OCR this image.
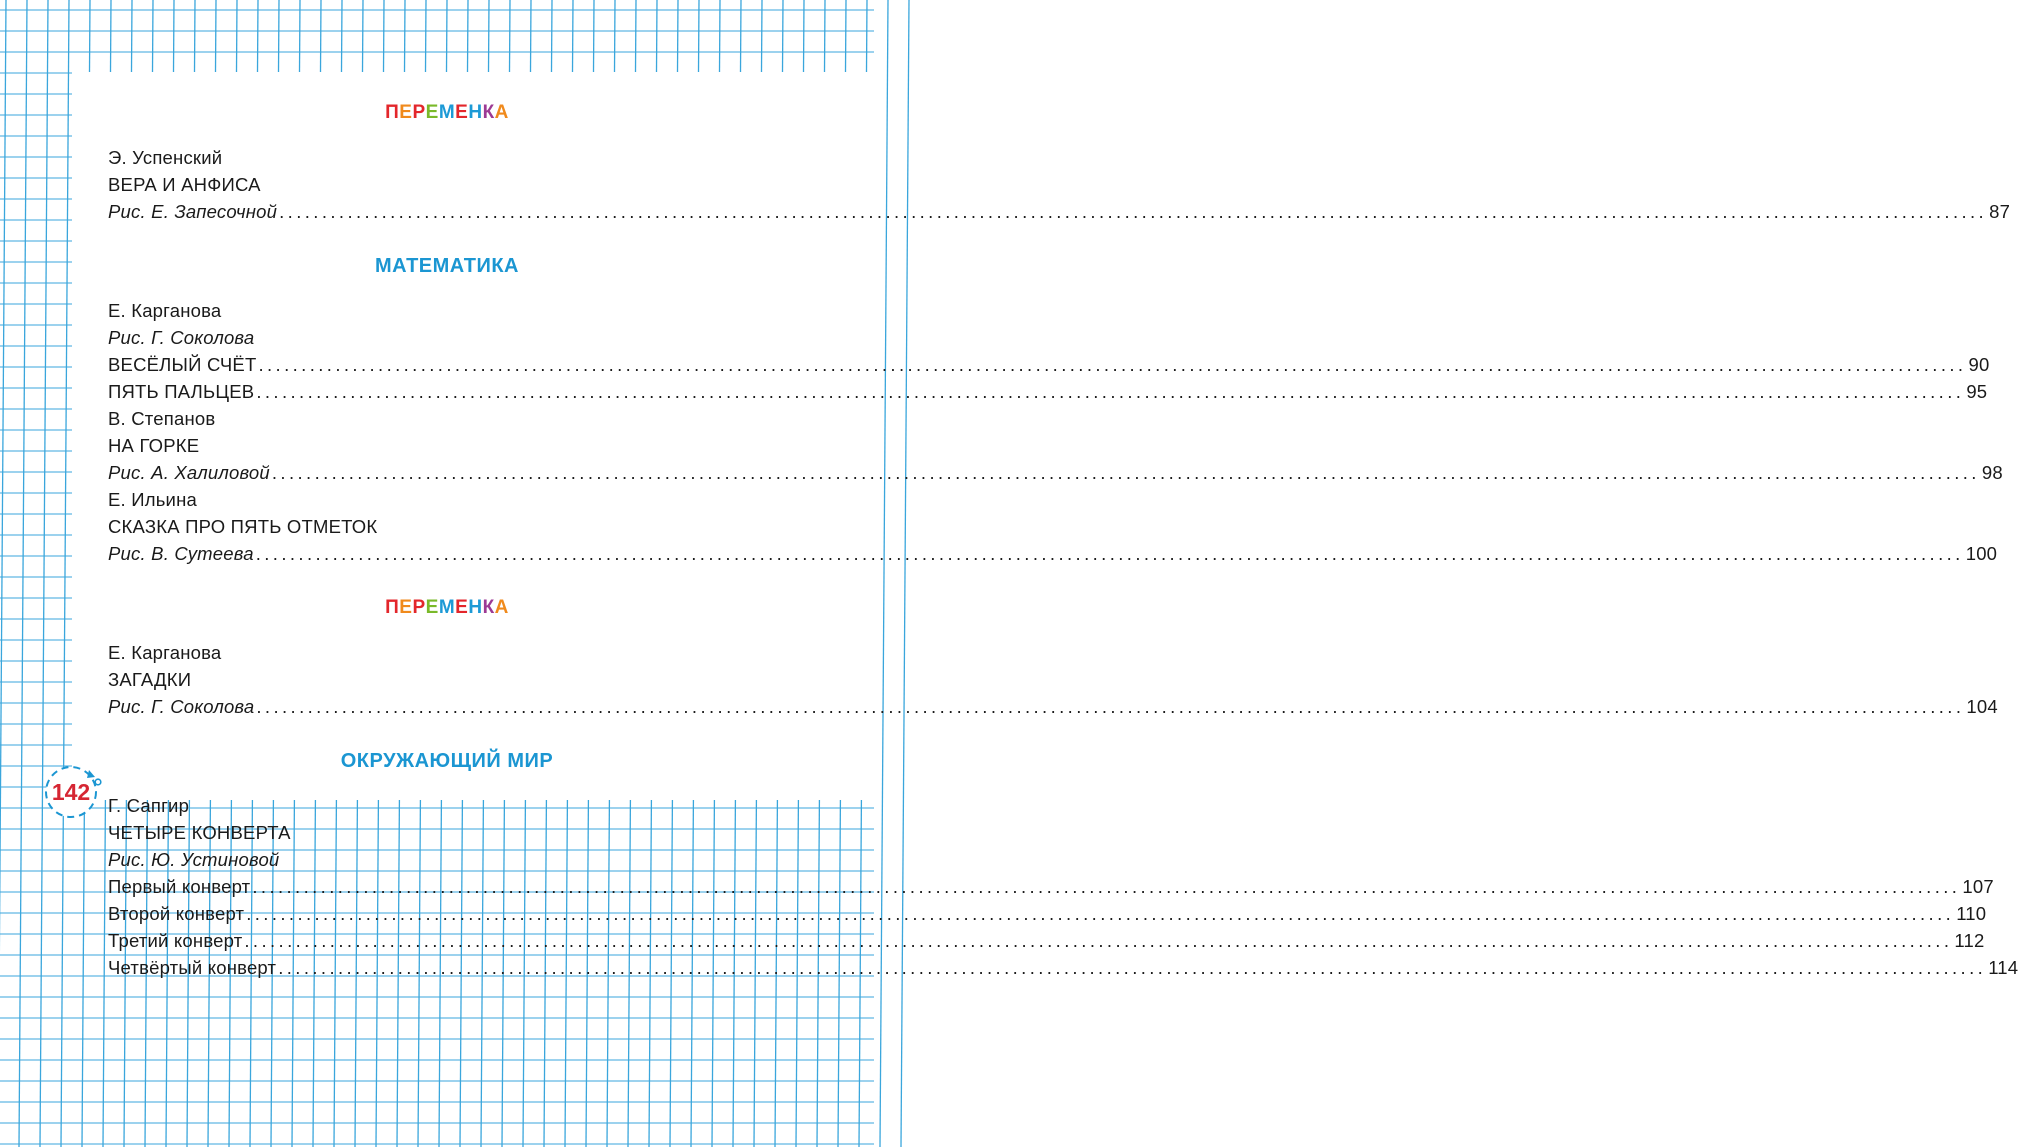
ПЕРЕМЕНКА
Э. Успенский
ВЕРА И АНФИСА
Рис. Е. Запесочной ........................................................................................................................................................................................................ 87
МАТЕМАТИКА
Е. Карганова
Рис. Г. Соколова
ВЕСЁЛЫЙ СЧЁТ ........................................................................................................................................................................................................ 90
ПЯТЬ ПАЛЬЦЕВ ........................................................................................................................................................................................................ 95
В. Степанов
НА ГОРКЕ
Рис. А. Халиловой ........................................................................................................................................................................................................ 98
Е. Ильина
СКАЗКА ПРО ПЯТЬ ОТМЕТОК
Рис. В. Сутеева ........................................................................................................................................................................................................ 100
ПЕРЕМЕНКА
Е. Карганова
ЗАГАДКИ
Рис. Г. Соколова ........................................................................................................................................................................................................ 104
ОКРУЖАЮЩИЙ МИР
Г. Сапгир
ЧЕТЫРЕ КОНВЕРТА
Рис. Ю. Устиновой
Первый конверт ........................................................................................................................................................................................................ 107
Второй конверт ........................................................................................................................................................................................................ 110
Третий конверт ........................................................................................................................................................................................................ 112
Четвёртый конверт ........................................................................................................................................................................................................ 114
142
